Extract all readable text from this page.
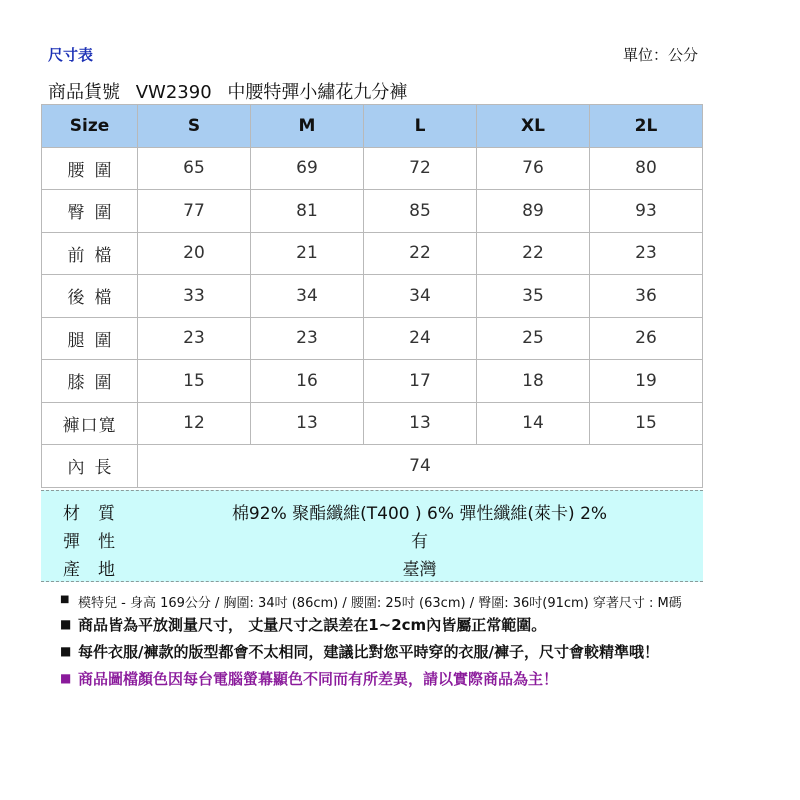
尺寸表	單位：公分
商品貨號 VW2390 中腰特彈小繡花九分褲
Size	S	M	L	XL	2L
腰圍	65	69	72	76	80
臀圍	77	81	85	89	93
前檔	20	21	22	22	23
後檔	33	34	34	35	36
腿圍	23	23	24	25	26
膝圍	15	16	17	18	19
褲口寬	12	13	13	14	15
內長	74				
材質	棉92% 聚酯纖維(T400 ) 6% 彈性纖維(萊卡) 2%
彈性	有
產地	臺灣
■ 模特兒 - 身高 169公分 / 胸圍: 34吋 (86cm) / 腰圍: 25吋 (63cm) / 臀圍: 36吋(91cm) 穿著尺寸 : M碼
■ 商品皆為平放測量尺寸， 丈量尺寸之誤差在1~2cm內皆屬正常範圍。
■ 每件衣服/褲款的版型都會不太相同，建議比對您平時穿的衣服/褲子，尺寸會較精準哦！
■ 商品圖檔顏色因每台電腦螢幕顯色不同而有所差異，請以實際商品為主！
